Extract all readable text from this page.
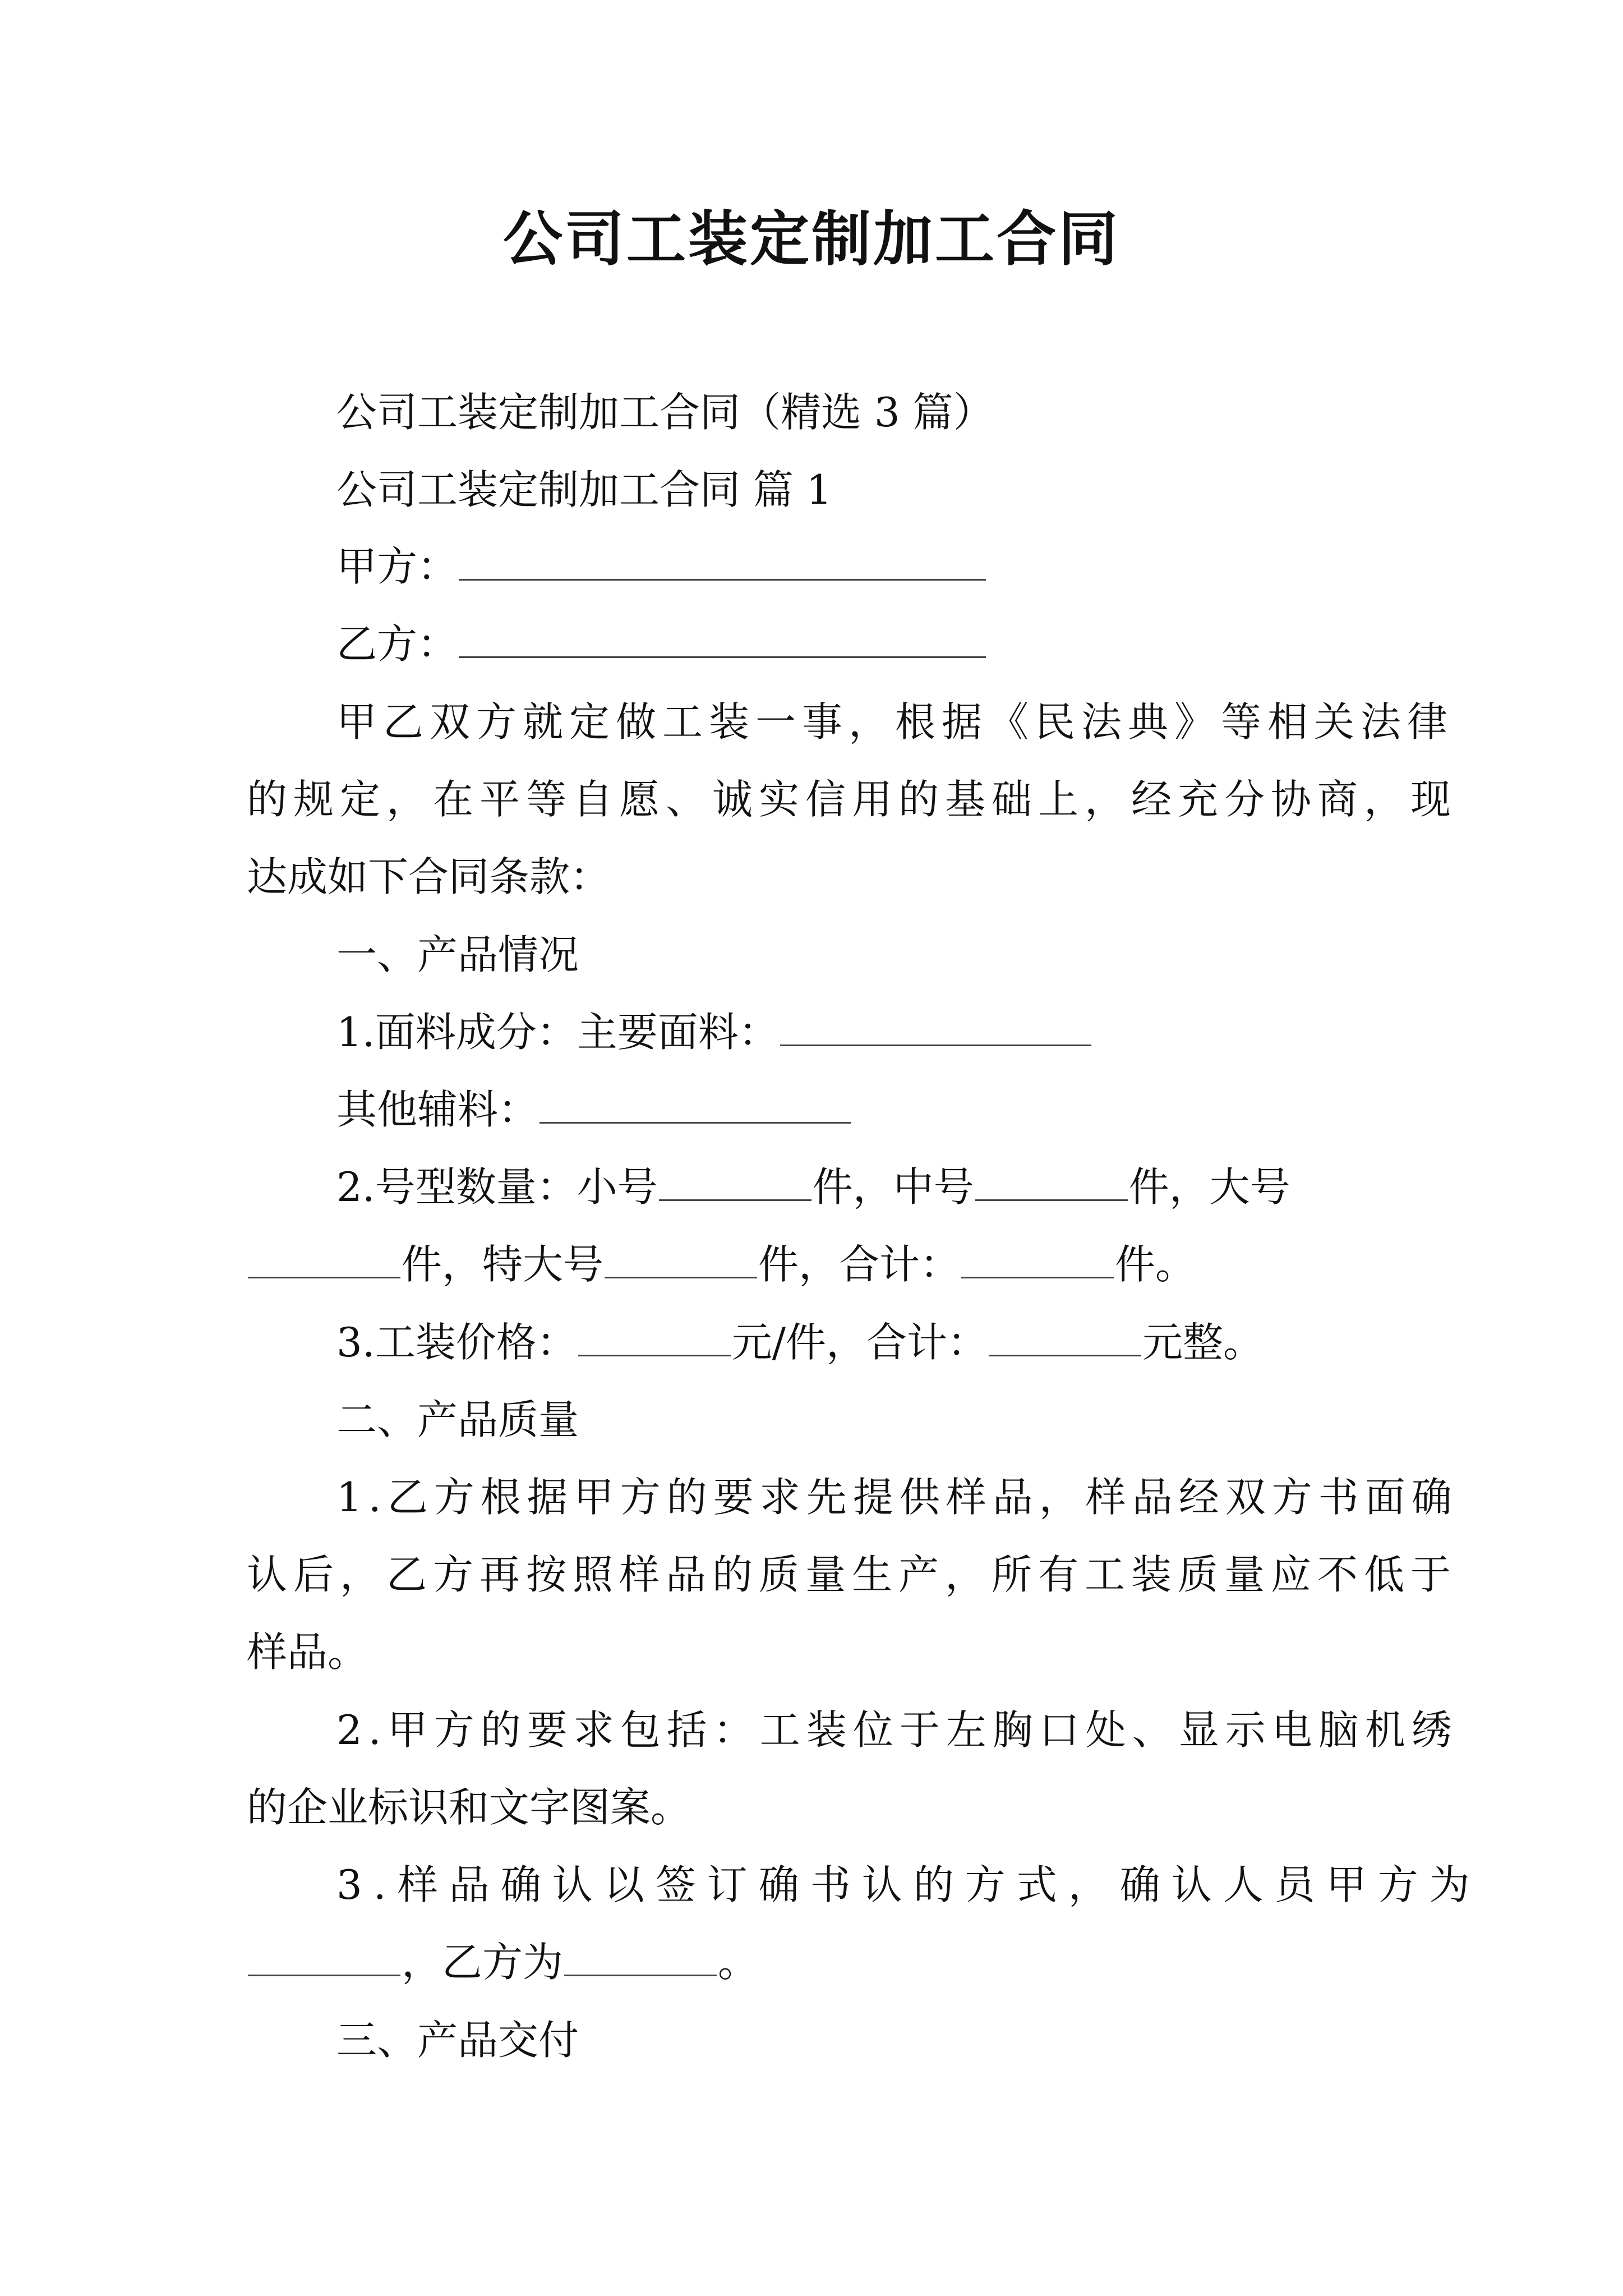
公司工装定制加工合同
公司工装定制加工合同（精选 3 篇）
公司工装定制加工合同 篇 1
甲方：
乙方：
甲乙双方就定做工装一事，根据《民法典》等相关法律
的规定，在平等自愿、诚实信用的基础上，经充分协商，现
达成如下合同条款：
一、产品情况
1.面料成分：主要面料：
其他辅料：
2.号型数量：小号	件，中号	件，大号
件，特大号	件，合计：	件。
3.工装价格：	元/件，合计：	元整。
二、产品质量
1.乙方根据甲方的要求先提供样品，样品经双方书面确
认后，乙方再按照样品的质量生产，所有工装质量应不低于
样品。
2.甲方的要求包括：工装位于左胸口处、显示电脑机绣
的企业标识和文字图案。
3.样品确认以签订确书认的方式，确认人员甲方为
，乙方为	。
三、产品交付
